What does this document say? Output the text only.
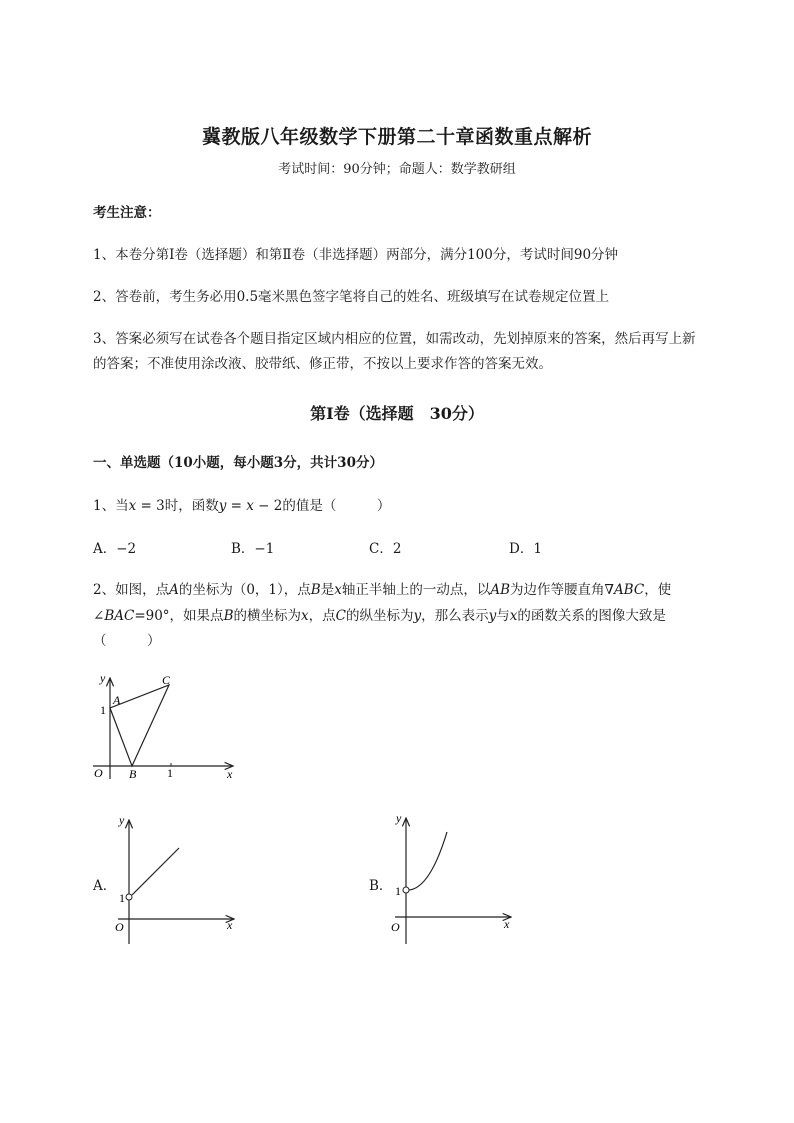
冀教版八年级数学下册第二十章函数重点解析
考试时间：90分钟；命题人：数学教研组
考生注意：
1、本卷分第I卷（选择题）和第Ⅱ卷（非选择题）两部分，满分100分，考试时间90分钟
2、答卷前，考生务必用0.5毫米黑色签字笔将自己的姓名、班级填写在试卷规定位置上
3、答案必须写在试卷各个题目指定区域内相应的位置，如需改动，先划掉原来的答案，然后再写上新
的答案；不准使用涂改液、胶带纸、修正带，不按以上要求作答的答案无效。
第I卷（选择题　30分）
一、单选题（10小题，每小题3分，共计30分）
1、当x = 3时，函数y = x − 2的值是（　　　）
A．−2	B．−1	C．2	D．1
2、如图，点A的坐标为（0，1），点B是x轴正半轴上的一动点，以AB为边作等腰直角∇ABC，使
∠BAC=90°，如果点B的横坐标为x，点C的纵坐标为y，那么表示y与x的函数关系的图像大致是
（　　　）
y
x
O
A
B
C
1
1
A．
y
x
O
1
B．
y
x
O
1
